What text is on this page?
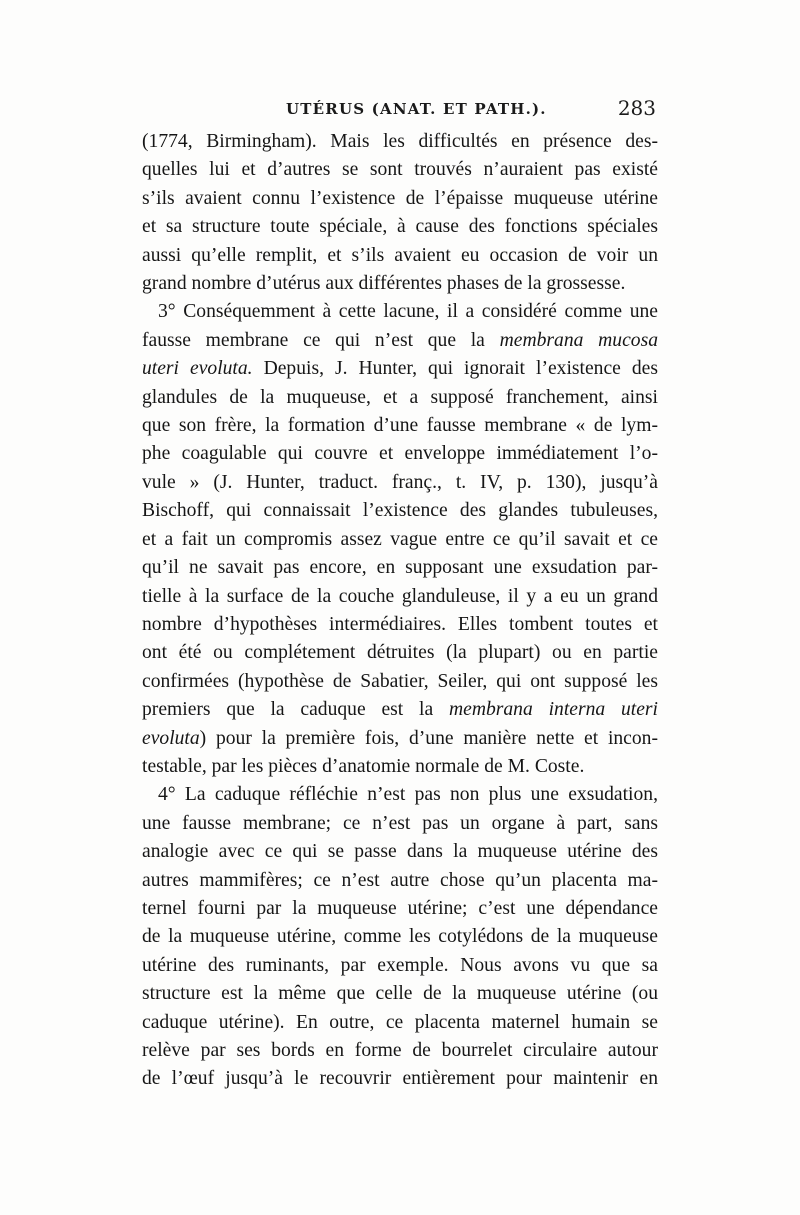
UTÉRUS (ANAT. ET PATH.).	283
(1774, Birmingham). Mais les difficultés en présence des-
quelles lui et d’autres se sont trouvés n’auraient pas existé
s’ils avaient connu l’existence de l’épaisse muqueuse utérine
et sa structure toute spéciale, à cause des fonctions spéciales
aussi qu’elle remplit, et s’ils avaient eu occasion de voir un
grand nombre d’utérus aux différentes phases de la grossesse.
3° Conséquemment à cette lacune, il a considéré comme une
fausse membrane ce qui n’est que la membrana mucosa
uteri evoluta. Depuis, J. Hunter, qui ignorait l’existence des
glandules de la muqueuse, et a supposé franchement, ainsi
que son frère, la formation d’une fausse membrane « de lym-
phe coagulable qui couvre et enveloppe immédiatement l’o-
vule » (J. Hunter, traduct. franç., t. IV, p. 130), jusqu’à
Bischoff, qui connaissait l’existence des glandes tubuleuses,
et a fait un compromis assez vague entre ce qu’il savait et ce
qu’il ne savait pas encore, en supposant une exsudation par-
tielle à la surface de la couche glanduleuse, il y a eu un grand
nombre d’hypothèses intermédiaires. Elles tombent toutes et
ont été ou complétement détruites (la plupart) ou en partie
confirmées (hypothèse de Sabatier, Seiler, qui ont supposé les
premiers que la caduque est la membrana interna uteri
evoluta) pour la première fois, d’une manière nette et incon-
testable, par les pièces d’anatomie normale de M. Coste.
4° La caduque réfléchie n’est pas non plus une exsudation,
une fausse membrane; ce n’est pas un organe à part, sans
analogie avec ce qui se passe dans la muqueuse utérine des
autres mammifères; ce n’est autre chose qu’un placenta ma-
ternel fourni par la muqueuse utérine; c’est une dépendance
de la muqueuse utérine, comme les cotylédons de la muqueuse
utérine des ruminants, par exemple. Nous avons vu que sa
structure est la même que celle de la muqueuse utérine (ou
caduque utérine). En outre, ce placenta maternel humain se
relève par ses bords en forme de bourrelet circulaire autour
de l’œuf jusqu’à le recouvrir entièrement pour maintenir en
